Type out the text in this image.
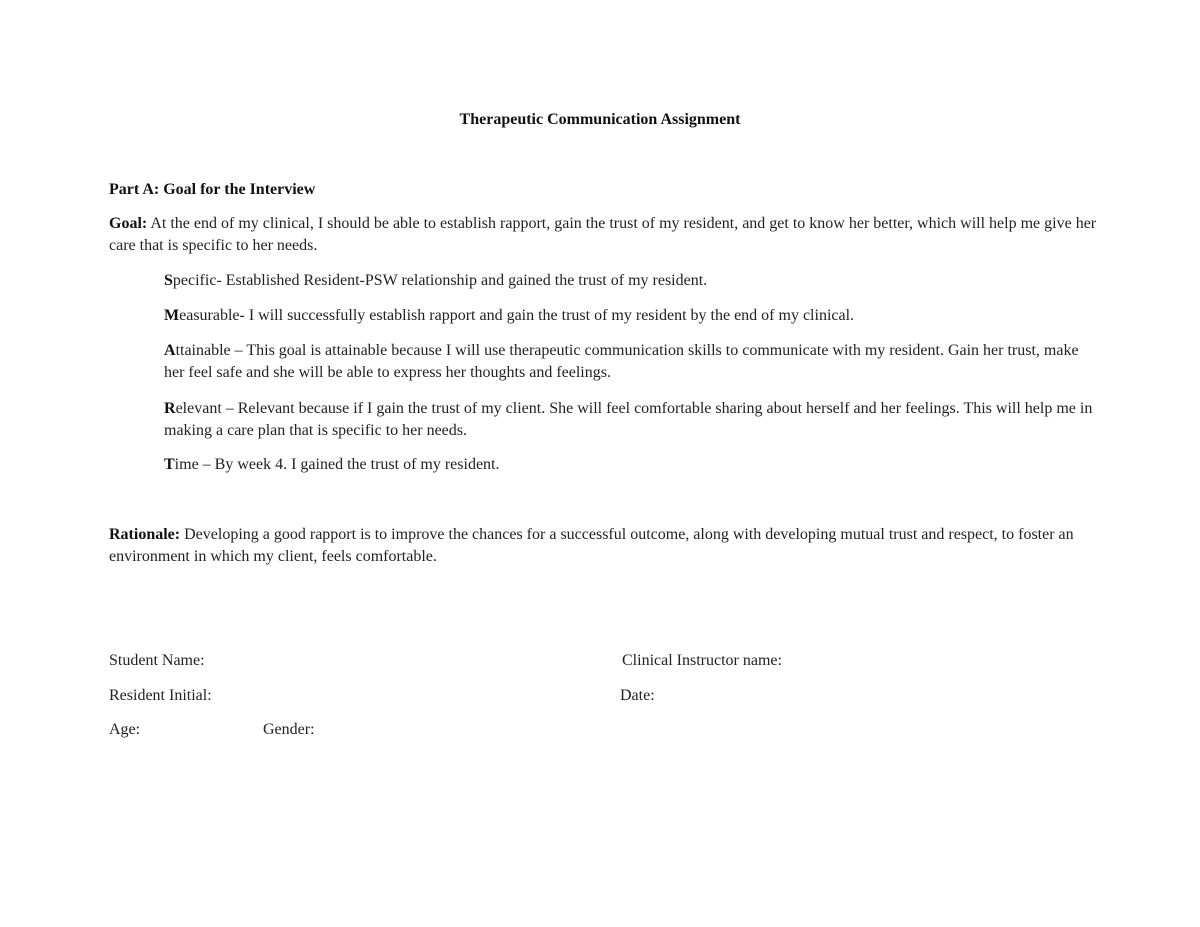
Therapeutic Communication Assignment

Part A: Goal for the Interview

Goal: At the end of my clinical, I should be able to establish rapport, gain the trust of my resident, and get to know her better, which will help me give her care that is specific to her needs.

Specific- Established Resident-PSW relationship and gained the trust of my resident.

Measurable- I will successfully establish rapport and gain the trust of my resident by the end of my clinical.

Attainable – This goal is attainable because I will use therapeutic communication skills to communicate with my resident. Gain her trust, make her feel safe and she will be able to express her thoughts and feelings.

Relevant – Relevant because if I gain the trust of my client. She will feel comfortable sharing about herself and her feelings. This will help me in making a care plan that is specific to her needs.

Time – By week 4. I gained the trust of my resident.

Rationale: Developing a good rapport is to improve the chances for a successful outcome, along with developing mutual trust and respect, to foster an environment in which my client, feels comfortable.

Student Name:	Clinical Instructor name:
Resident Initial:	Date:
Age:	Gender:
